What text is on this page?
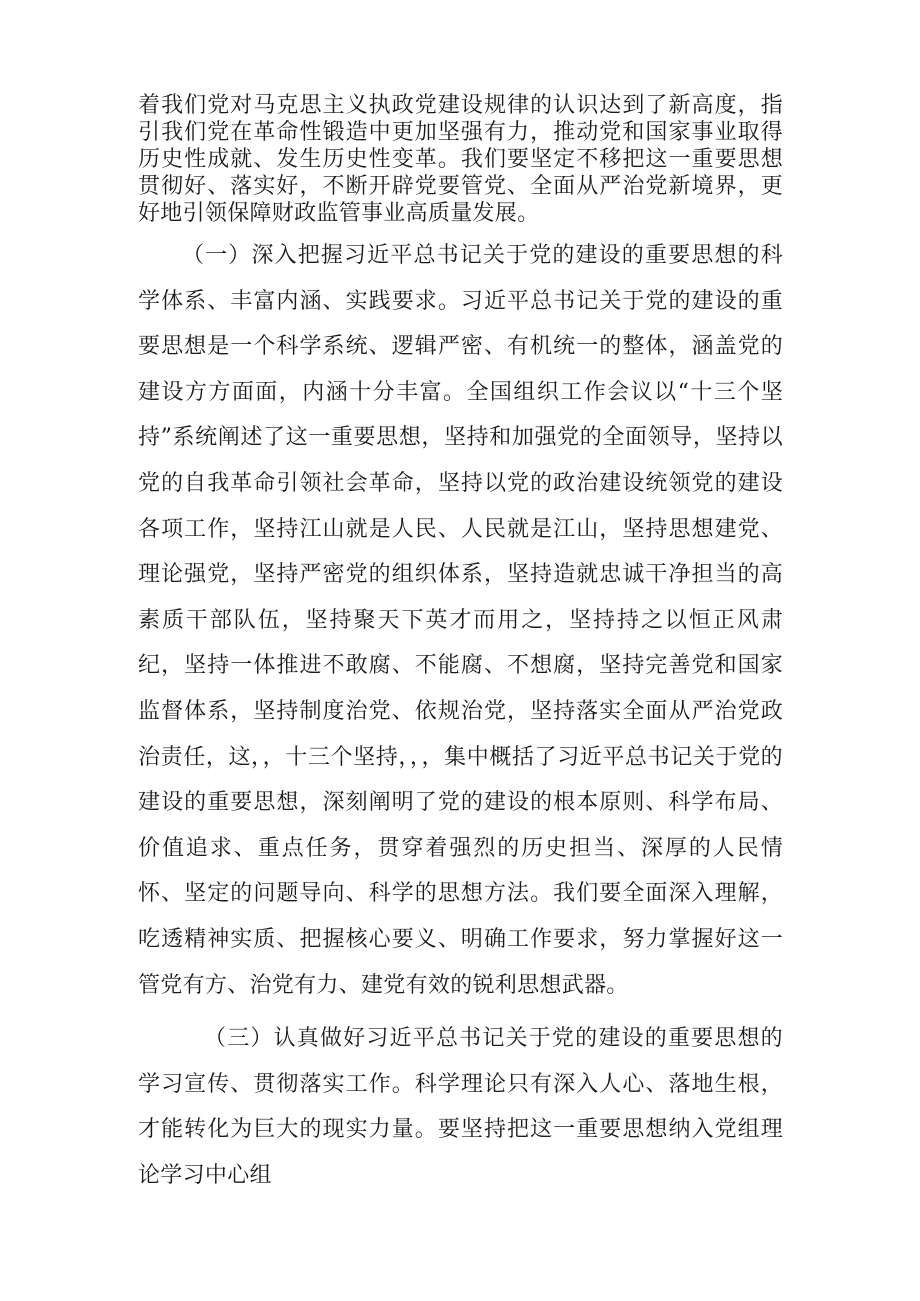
着我们党对马克思主义执政党建设规律的认识达到了新高度，指引我们党在革命性锻造中更加坚强有力，推动党和国家事业取得历史性成就、发生历史性变革。我们要坚定不移把这一重要思想贯彻好、落实好，不断开辟党要管党、全面从严治党新境界，更好地引领保障财政监管事业高质量发展。

（一）深入把握习近平总书记关于党的建设的重要思想的科学体系、丰富内涵、实践要求。习近平总书记关于党的建设的重要思想是一个科学系统、逻辑严密、有机统一的整体，涵盖党的建设方方面面，内涵十分丰富。全国组织工作会议以“十三个坚持”系统阐述了这一重要思想，坚持和加强党的全面领导，坚持以党的自我革命引领社会革命，坚持以党的政治建设统领党的建设各项工作，坚持江山就是人民、人民就是江山，坚持思想建党、理论强党，坚持严密党的组织体系，坚持造就忠诚干净担当的高素质干部队伍，坚持聚天下英才而用之，坚持持之以恒正风肃纪，坚持一体推进不敢腐、不能腐、不想腐，坚持完善党和国家监督体系，坚持制度治党、依规治党，坚持落实全面从严治党政治责任，这，，十三个坚持，，，集中概括了习近平总书记关于党的建设的重要思想，深刻阐明了党的建设的根本原则、科学布局、价值追求、重点任务，贯穿着强烈的历史担当、深厚的人民情怀、坚定的问题导向、科学的思想方法。我们要全面深入理解，吃透精神实质、把握核心要义、明确工作要求，努力掌握好这一管党有方、治党有力、建党有效的锐利思想武器。

（三）认真做好习近平总书记关于党的建设的重要思想的学习宣传、贯彻落实工作。科学理论只有深入人心、落地生根，才能转化为巨大的现实力量。要坚持把这一重要思想纳入党组理论学习中心组
